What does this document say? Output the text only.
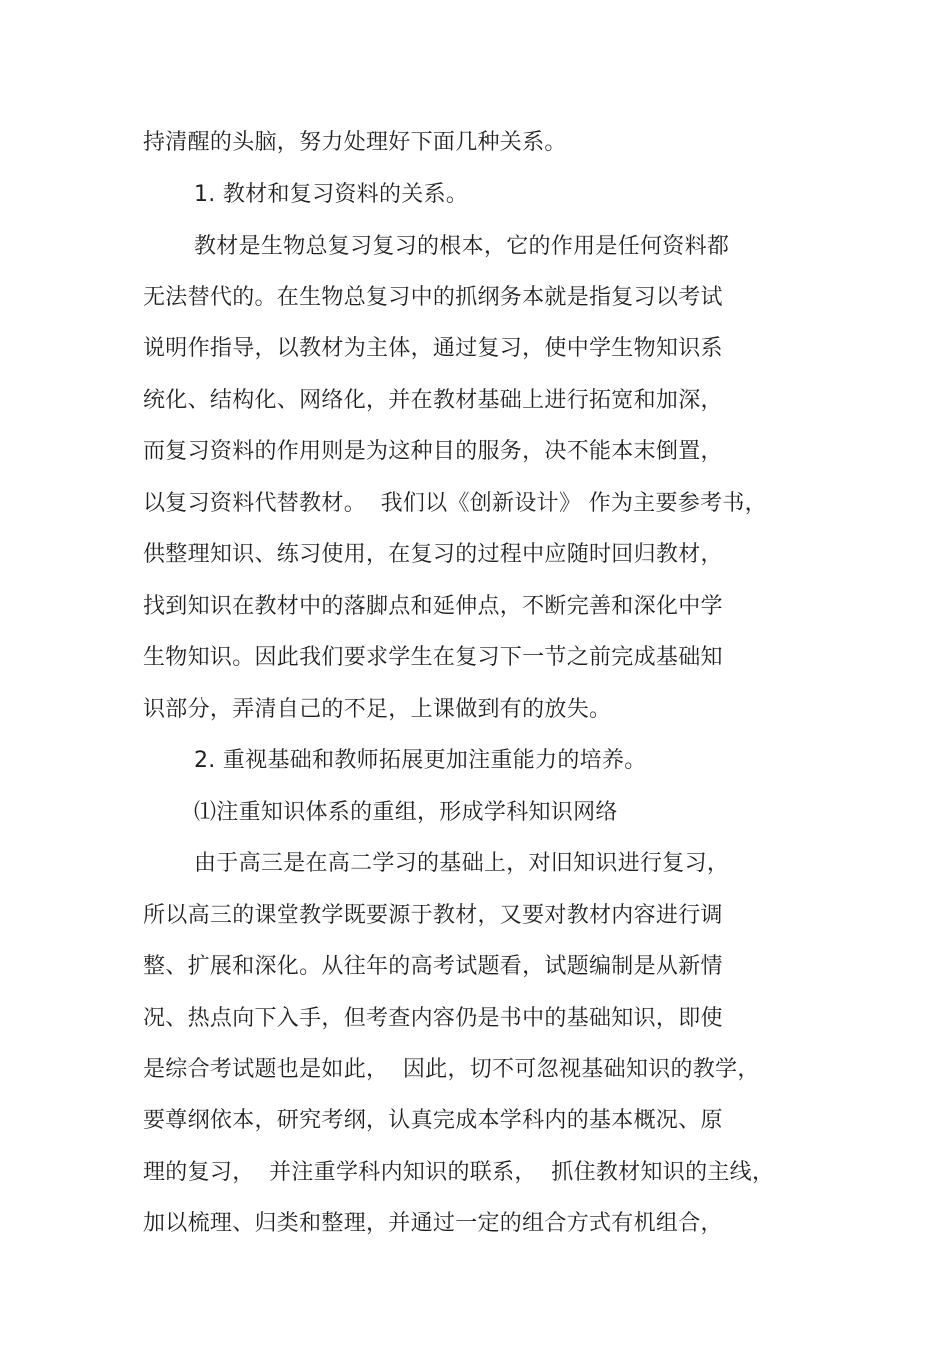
持清醒的头脑，努力处理好下面几种关系。

1. 教材和复习资料的关系。

教材是生物总复习复习的根本，它的作用是任何资料都

无法替代的。在生物总复习中的抓纲务本就是指复习以考试

说明作指导，以教材为主体，通过复习，使中学生物知识系

统化、结构化、网络化，并在教材基础上进行拓宽和加深，

而复习资料的作用则是为这种目的服务，决不能本末倒置，

以复习资料代替教材。  我们以《创新设计》 作为主要参考书，

供整理知识、练习使用，在复习的过程中应随时回归教材，

找到知识在教材中的落脚点和延伸点，不断完善和深化中学

生物知识。因此我们要求学生在复习下一节之前完成基础知

识部分，弄清自己的不足，上课做到有的放失。

2. 重视基础和教师拓展更加注重能力的培养。

⑴注重知识体系的重组，形成学科知识网络

由于高三是在高二学习的基础上，对旧知识进行复习，

所以高三的课堂教学既要源于教材，又要对教材内容进行调

整、扩展和深化。从往年的高考试题看，试题编制是从新情

况、热点向下入手，但考查内容仍是书中的基础知识，即使

是综合考试题也是如此，  因此，切不可忽视基础知识的教学，

要尊纲依本，研究考纲，认真完成本学科内的基本概况、原

理的复习，  并注重学科内知识的联系，  抓住教材知识的主线，

加以梳理、归类和整理，并通过一定的组合方式有机组合，
